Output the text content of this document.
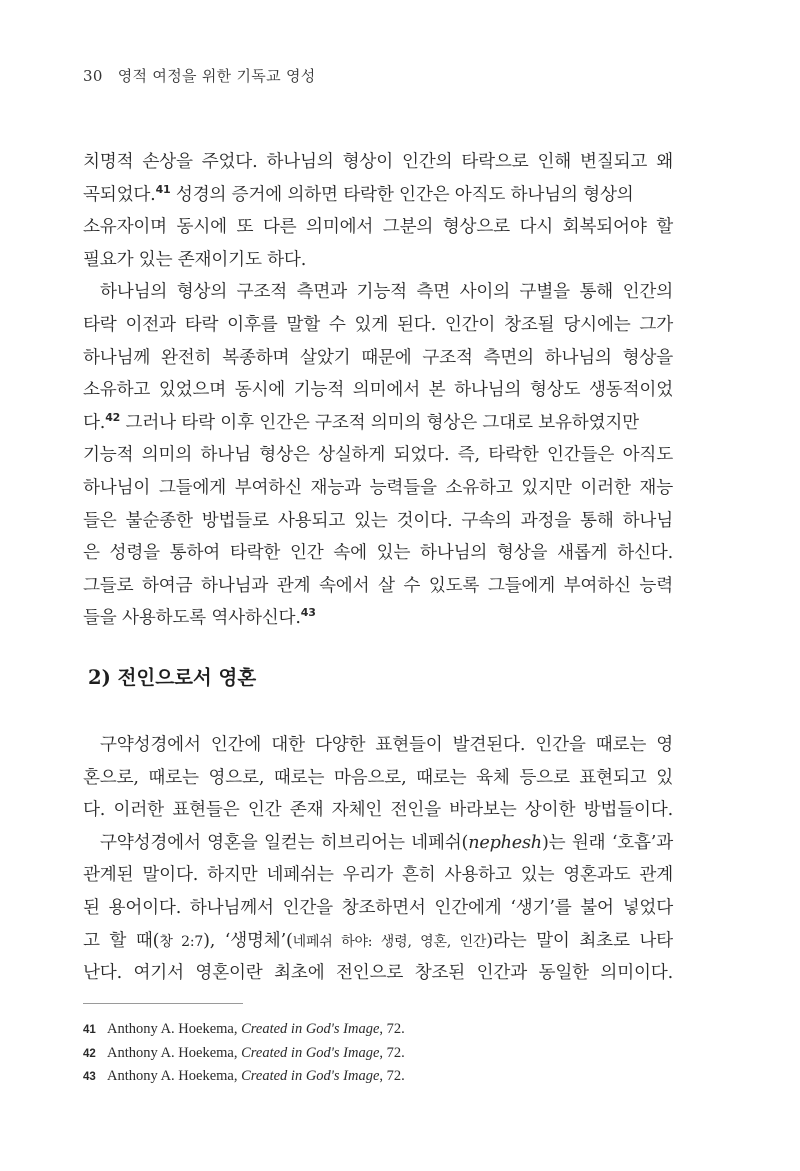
30 영적 여정을 위한 기독교 영성
치명적 손상을 주었다. 하나님의 형상이 인간의 타락으로 인해 변질되고 왜
곡되었다.$^{41}$ 성경의 증거에 의하면 타락한 인간은 아직도 하나님의 형상의
소유자이며 동시에 또 다른 의미에서 그분의 형상으로 다시 회복되어야 할
필요가 있는 존재이기도 하다.
하나님의 형상의 구조적 측면과 기능적 측면 사이의 구별을 통해 인간의
타락 이전과 타락 이후를 말할 수 있게 된다. 인간이 창조될 당시에는 그가
하나님께 완전히 복종하며 살았기 때문에 구조적 측면의 하나님의 형상을
소유하고 있었으며 동시에 기능적 의미에서 본 하나님의 형상도 생동적이었
다.$^{42}$ 그러나 타락 이후 인간은 구조적 의미의 형상은 그대로 보유하였지만
기능적 의미의 하나님 형상은 상실하게 되었다. 즉, 타락한 인간들은 아직도
하나님이 그들에게 부여하신 재능과 능력들을 소유하고 있지만 이러한 재능
들은 불순종한 방법들로 사용되고 있는 것이다. 구속의 과정을 통해 하나님
은 성령을 통하여 타락한 인간 속에 있는 하나님의 형상을 새롭게 하신다.
그들로 하여금 하나님과 관계 속에서 살 수 있도록 그들에게 부여하신 능력
들을 사용하도록 역사하신다.$^{43}$
2) 전인으로서 영혼
구약성경에서 인간에 대한 다양한 표현들이 발견된다. 인간을 때로는 영
혼으로, 때로는 영으로, 때로는 마음으로, 때로는 육체 등으로 표현되고 있
다. 이러한 표현들은 인간 존재 자체인 전인을 바라보는 상이한 방법들이다.
구약성경에서 영혼을 일컫는 히브리어는 네페쉬(nephesh)는 원래 ‘호흡’과
관계된 말이다. 하지만 네페쉬는 우리가 흔히 사용하고 있는 영혼과도 관계
된 용어이다. 하나님께서 인간을 창조하면서 인간에게 ‘생기’를 불어 넣었다
고 할 때(창 2:7), ‘생명체’(네페쉬 하야: 생령, 영혼, 인간)라는 말이 최초로 나타
난다. 여기서 영혼이란 최초에 전인으로 창조된 인간과 동일한 의미이다.
41 Anthony A. Hoekema, Created in God's Image, 72.
42 Anthony A. Hoekema, Created in God's Image, 72.
43 Anthony A. Hoekema, Created in God's Image, 72.
